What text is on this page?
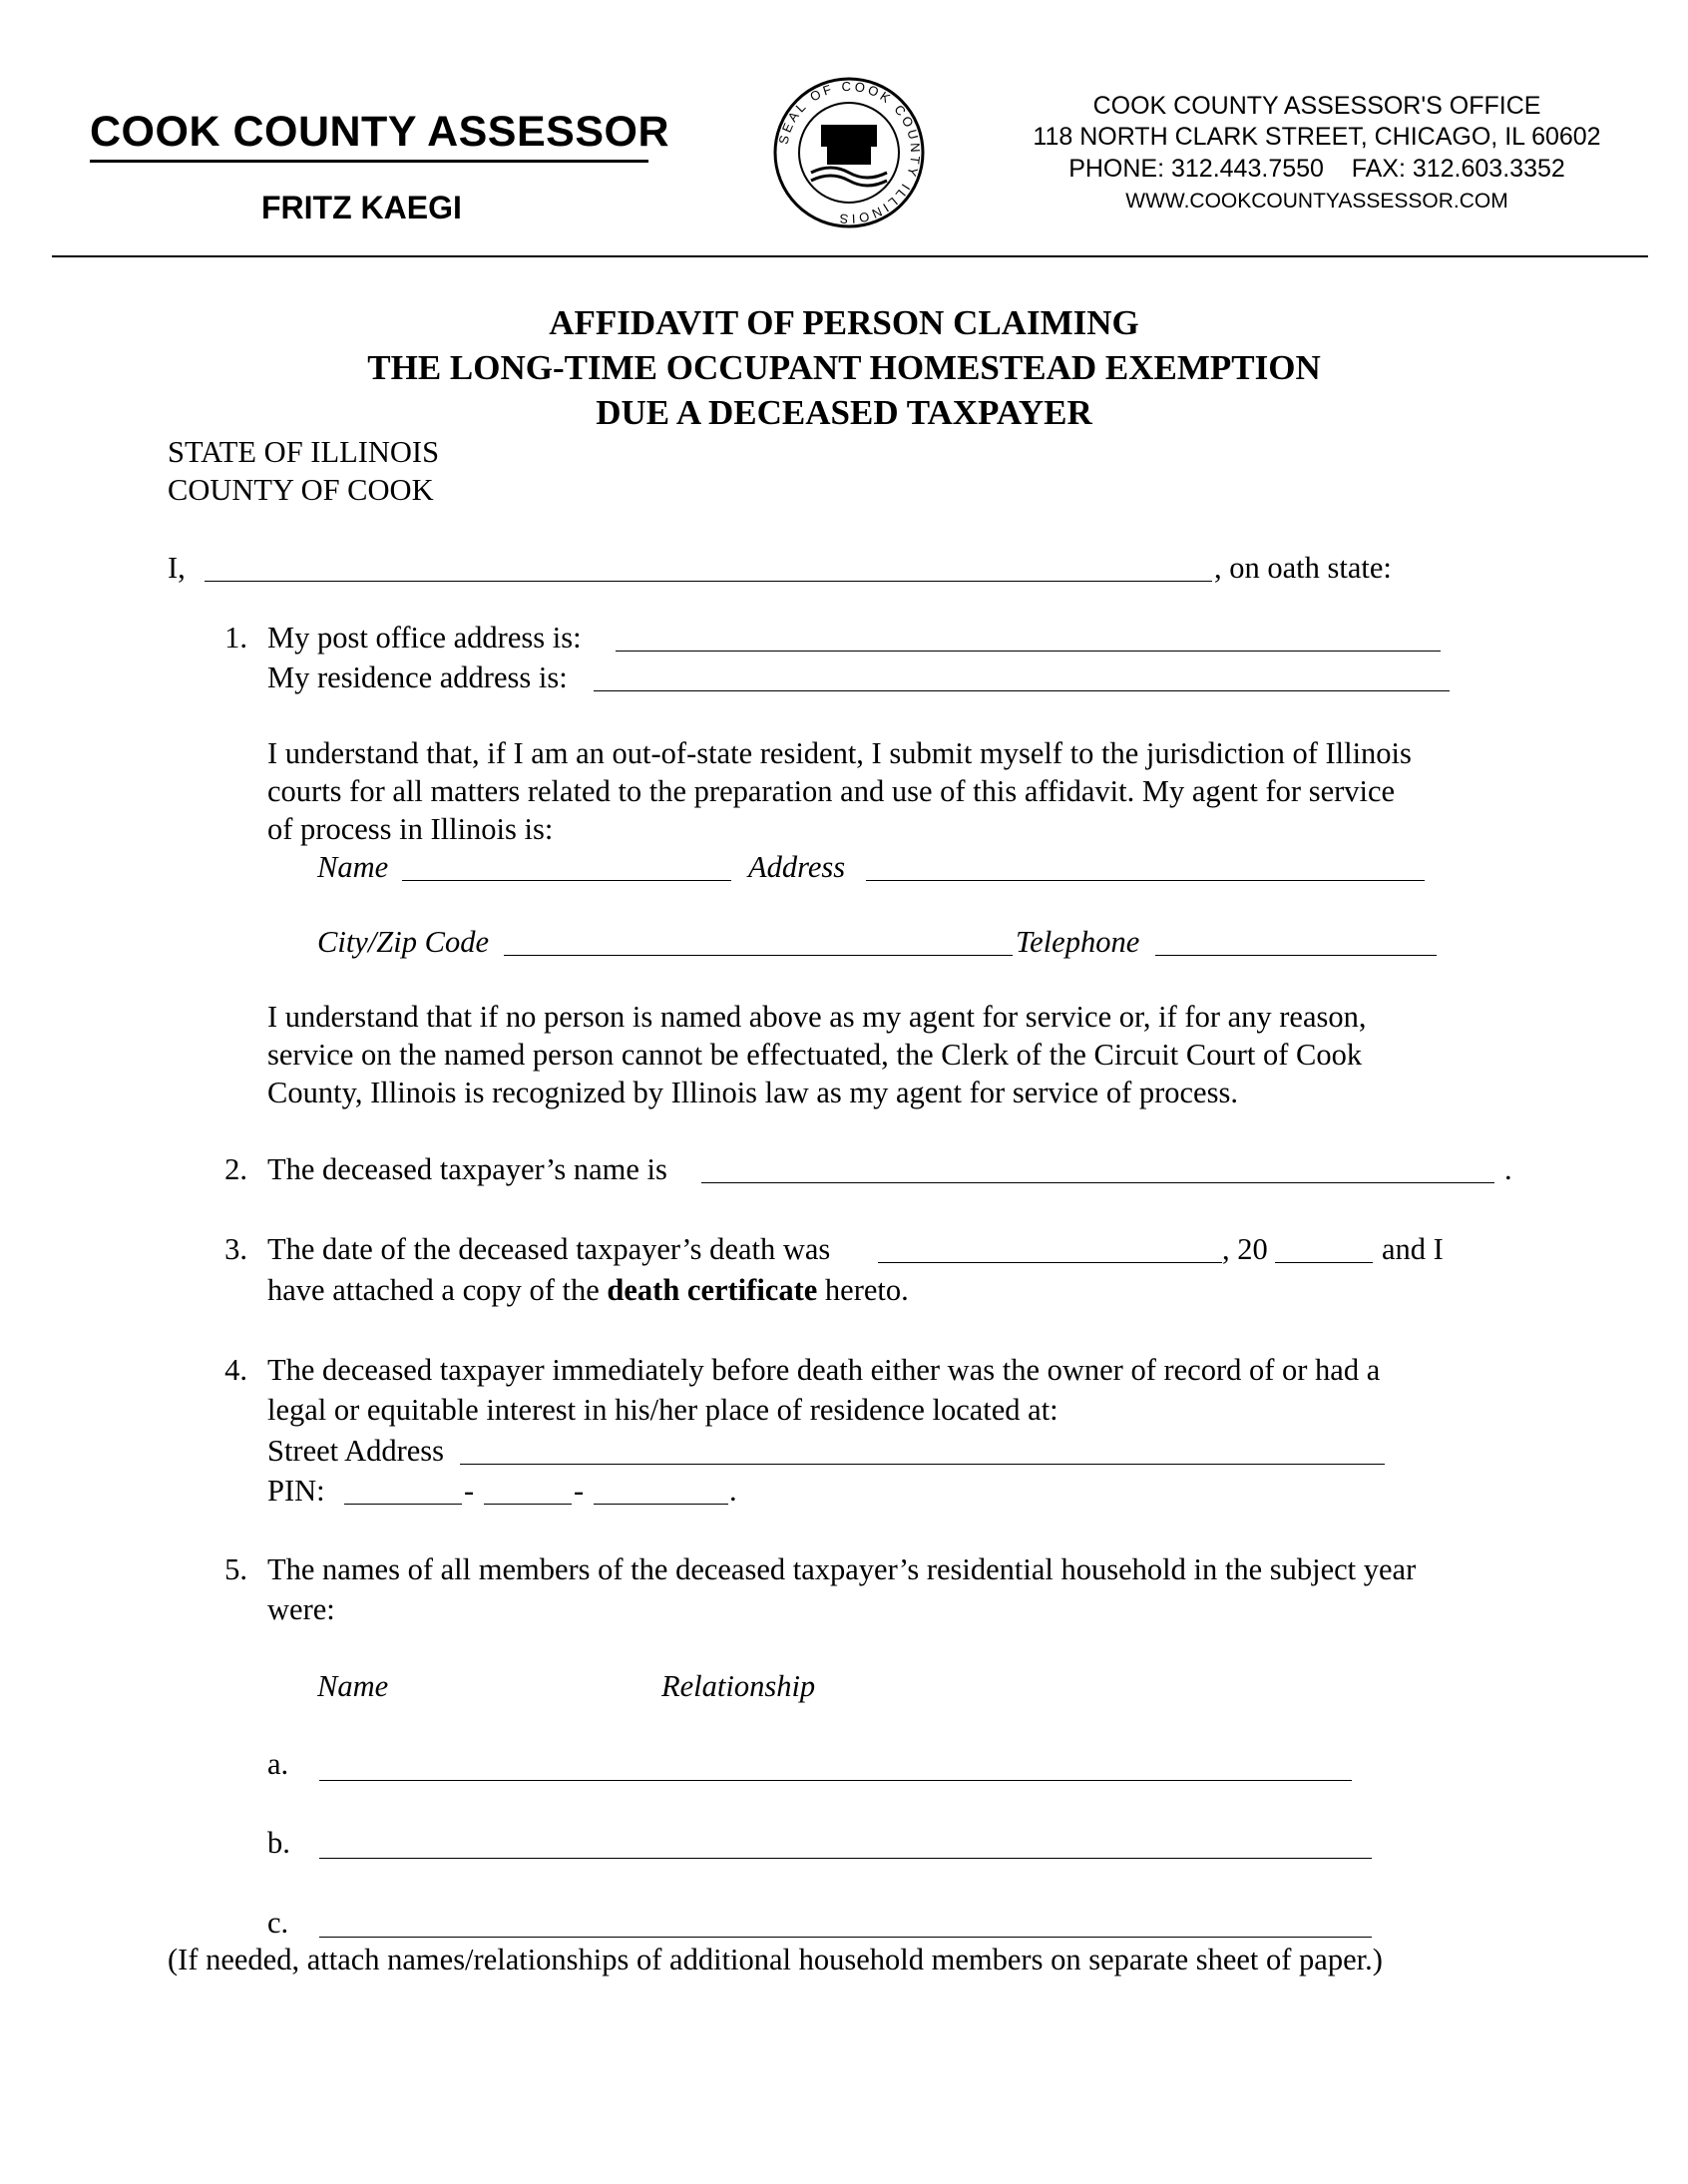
COOK COUNTY ASSESSOR
FRITZ KAEGI
SEAL OF COOK COUNTY ILLINOIS
COOK COUNTY ASSESSOR'S OFFICE
118 NORTH CLARK STREET, CHICAGO, IL 60602
PHONE: 312.443.7550    FAX: 312.603.3352
WWW.COOKCOUNTYASSESSOR.COM
AFFIDAVIT OF PERSON CLAIMING
THE LONG-TIME OCCUPANT HOMESTEAD EXEMPTION
DUE A DECEASED TAXPAYER
STATE OF ILLINOIS
COUNTY OF COOK
I,	, on oath state:
1. My post office address is:
My residence address is:
I understand that, if I am an out-of-state resident, I submit myself to the jurisdiction of Illinois
courts for all matters related to the preparation and use of this affidavit. My agent for service
of process in Illinois is:
Name	Address
City/Zip Code	Telephone
I understand that if no person is named above as my agent for service or, if for any reason,
service on the named person cannot be effectuated, the Clerk of the Circuit Court of Cook
County, Illinois is recognized by Illinois law as my agent for service of process.
2. The deceased taxpayer’s name is	.
3. The date of the deceased taxpayer’s death was	, 20	and I
have attached a copy of the death certificate hereto.
4. The deceased taxpayer immediately before death either was the owner of record of or had a
legal or equitable interest in his/her place of residence located at:
Street Address
PIN:	-	-	.
5. The names of all members of the deceased taxpayer’s residential household in the subject year
were:
Name	Relationship
a.
b.
c.
(If needed, attach names/relationships of additional household members on separate sheet of paper.)
